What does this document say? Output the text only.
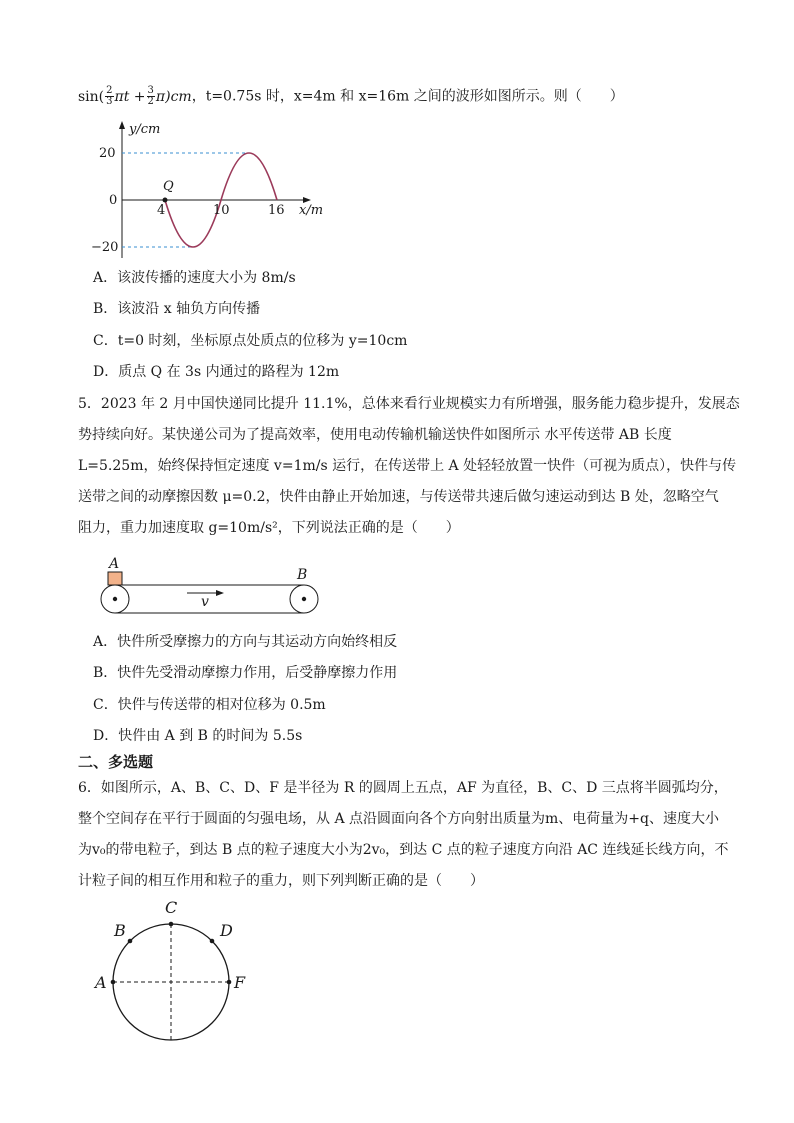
$\sin( \frac{2}{3}$ $\pi t + \frac{3}{2} \pi)cm$，t=0.75s 时，x=4m 和 x=16m 之间的波形如图所示。则（　　）
y/cm
x/m
20
0
−20
4	10	16
Q
A．该波传播的速度大小为 8m/s
B．该波沿 x 轴负方向传播
C．t=0 时刻，坐标原点处质点的位移为 y=10cm
D．质点 Q 在 3s 内通过的路程为 12m
5．2023 年 2 月中国快递同比提升 11.1%，总体来看行业规模实力有所增强，服务能力稳步提升，发展态
势持续向好。某快递公司为了提高效率，使用电动传输机输送快件如图所示 水平传送带 AB 长度
L=5.25m，始终保持恒定速度 v=1m/s 运行，在传送带上 A 处轻轻放置一快件（可视为质点），快件与传
送带之间的动摩擦因数 μ=0.2，快件由静止开始加速，与传送带共速后做匀速运动到达 B 处，忽略空气
阻力，重力加速度取 g=10m/s²，下列说法正确的是（　　）
A
B
v
A．快件所受摩擦力的方向与其运动方向始终相反
B．快件先受滑动摩擦力作用，后受静摩擦力作用
C．快件与传送带的相对位移为 0.5m
D．快件由 A 到 B 的时间为 5.5s
二、多选题
6．如图所示，A、B、C、D、F 是半径为 R 的圆周上五点，AF 为直径，B、C、D 三点将半圆弧均分，
整个空间存在平行于圆面的匀强电场，从 A 点沿圆面向各个方向射出质量为m、电荷量为+q、速度大小
为v₀的带电粒子，到达 B 点的粒子速度大小为2v₀，到达 C 点的粒子速度方向沿 AC 连线延长线方向，不
计粒子间的相互作用和粒子的重力，则下列判断正确的是（　　）
A
B
C
D
F
